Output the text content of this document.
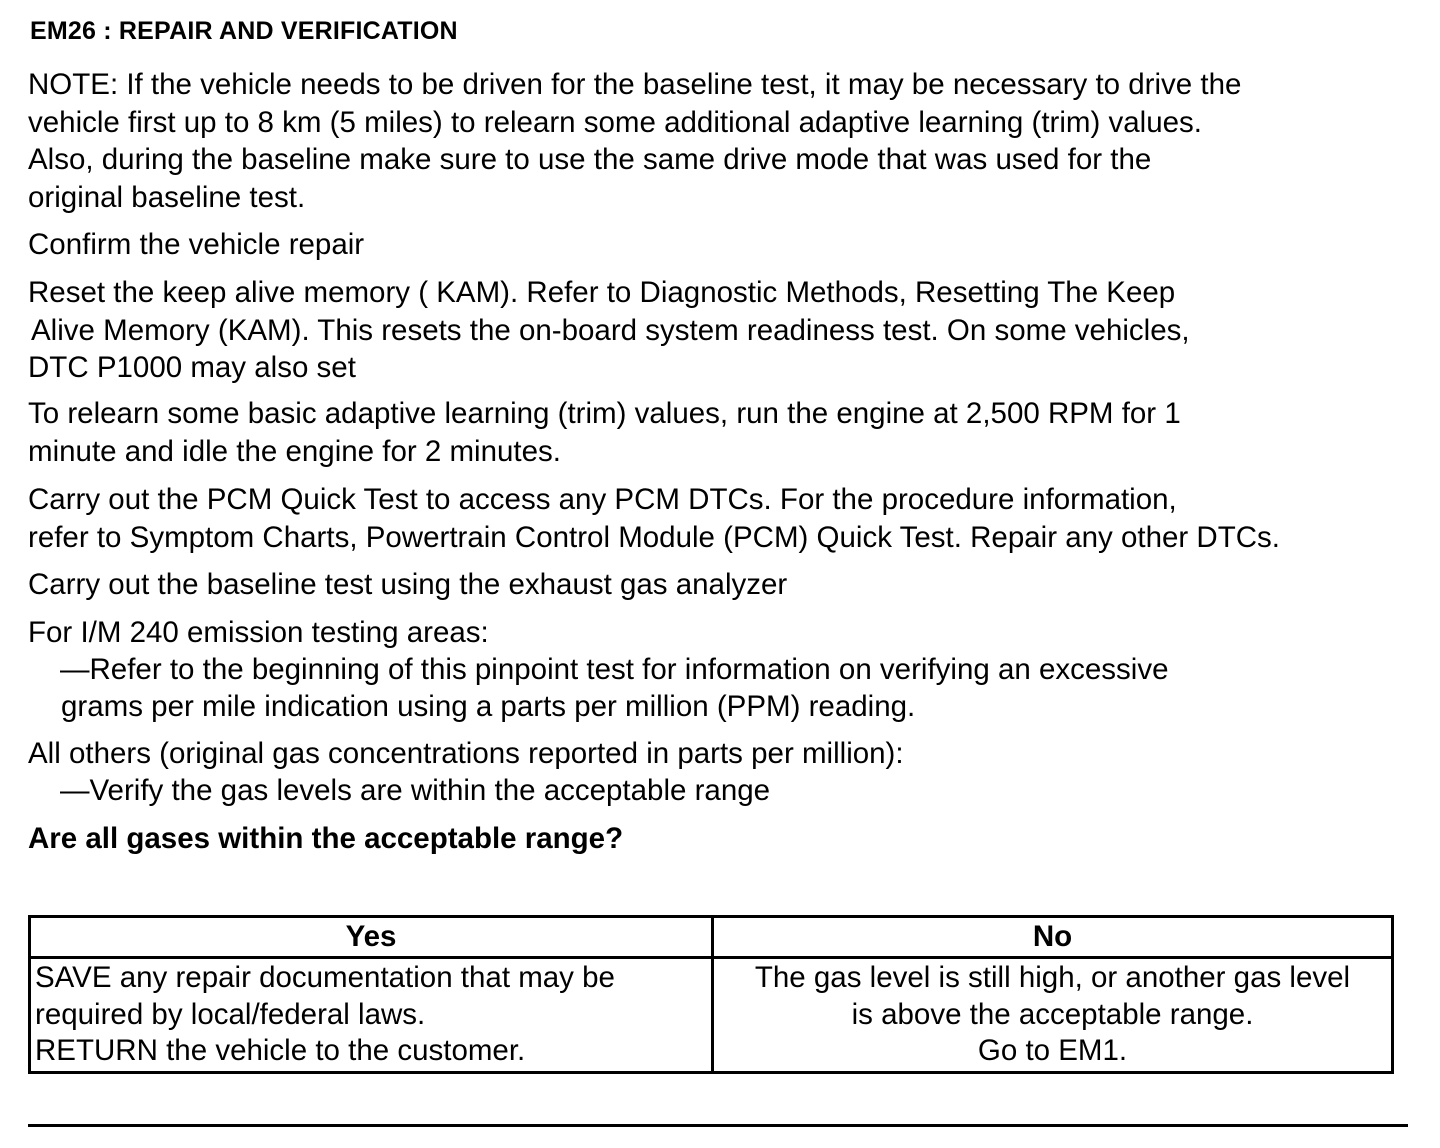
EM26 : REPAIR AND VERIFICATION
NOTE: If the vehicle needs to be driven for the baseline test, it may be necessary to drive the
vehicle first up to 8 km (5 miles) to relearn some additional adaptive learning (trim) values.
Also, during the baseline make sure to use the same drive mode that was used for the
original baseline test.
Confirm the vehicle repair
Reset the keep alive memory ( KAM). Refer to Diagnostic Methods, Resetting The Keep
Alive Memory (KAM). This resets the on-board system readiness test. On some vehicles,
DTC P1000 may also set
To relearn some basic adaptive learning (trim) values, run the engine at 2,500 RPM for 1
minute and idle the engine for 2 minutes.
Carry out the PCM Quick Test to access any PCM DTCs. For the procedure information,
refer to Symptom Charts, Powertrain Control Module (PCM) Quick Test. Repair any other DTCs.
Carry out the baseline test using the exhaust gas analyzer
For I/M 240 emission testing areas:
—Refer to the beginning of this pinpoint test for information on verifying an excessive
grams per mile indication using a parts per million (PPM) reading.
All others (original gas concentrations reported in parts per million):
—Verify the gas levels are within the acceptable range
Are all gases within the acceptable range?
Yes	No

SAVE any repair documentation that may be
required by local/federal laws.
RETURN the vehicle to the customer.	The gas level is still high, or another gas level
is above the acceptable range.
Go to EM1.
